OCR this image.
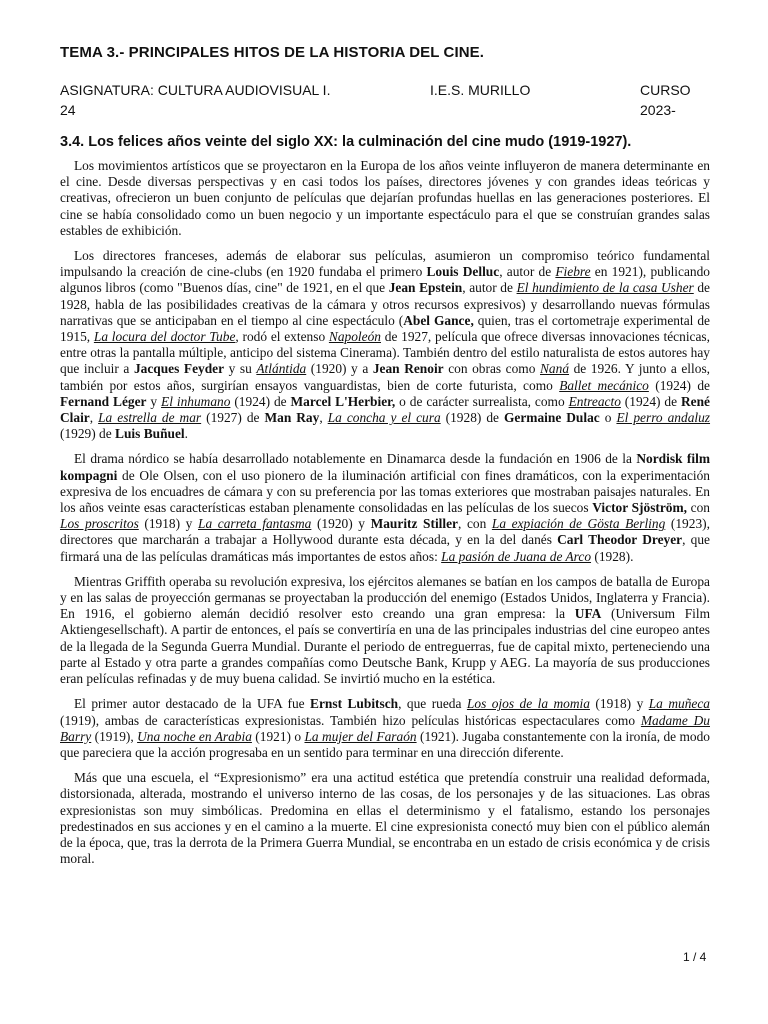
TEMA 3.- PRINCIPALES HITOS DE LA HISTORIA DEL CINE.
ASIGNATURA: CULTURA AUDIOVISUAL I.	I.E.S. MURILLO	CURSO 2023-
24
3.4. Los felices años veinte del siglo XX: la culminación del cine mudo (1919-1927).

Los movimientos artísticos que se proyectaron en la Europa de los años veinte influyeron de manera determinante en el cine. Desde diversas perspectivas y en casi todos los países, directores jóvenes y con grandes ideas teóricas y creativas, ofrecieron un buen conjunto de películas que dejarían profundas huellas en las generaciones posteriores. El cine se había consolidado como un buen negocio y un importante espectáculo para el que se construían grandes salas estables de exhibición.

Los directores franceses, además de elaborar sus películas, asumieron un compromiso teórico fundamental impulsando la creación de cine-clubs (en 1920 fundaba el primero Louis Delluc, autor de Fiebre en 1921), publicando algunos libros (como "Buenos días, cine" de 1921, en el que Jean Epstein, autor de El hundimiento de la casa Usher de 1928, habla de las posibilidades creativas de la cámara y otros recursos expresivos) y desarrollando nuevas fórmulas narrativas que se anticipaban en el tiempo al cine espectáculo (Abel Gance, quien, tras el cortometraje experimental de 1915, La locura del doctor Tube, rodó el extenso Napoleón de 1927, película que ofrece diversas innovaciones técnicas, entre otras la pantalla múltiple, anticipo del sistema Cinerama). También dentro del estilo naturalista de estos autores hay que incluir a Jacques Feyder y su Atlántida (1920) y a Jean Renoir con obras como Naná de 1926. Y junto a ellos, también por estos años, surgirían ensayos vanguardistas, bien de corte futurista, como Ballet mecánico (1924) de Fernand Léger y El inhumano (1924) de Marcel L'Herbier, o de carácter surrealista, como Entreacto (1924) de René Clair, La estrella de mar (1927) de Man Ray, La concha y el cura (1928) de Germaine Dulac o El perro andaluz (1929) de Luis Buñuel.

El drama nórdico se había desarrollado notablemente en Dinamarca desde la fundación en 1906 de la Nordisk film kompagni de Ole Olsen, con el uso pionero de la iluminación artificial con fines dramáticos, con la experimentación expresiva de los encuadres de cámara y con su preferencia por las tomas exteriores que mostraban paisajes naturales. En los años veinte esas características estaban plenamente consolidadas en las películas de los suecos Victor Sjöström, con Los proscritos (1918) y La carreta fantasma (1920) y Mauritz Stiller, con La expiación de Gösta Berling (1923), directores que marcharán a trabajar a Hollywood durante esta década, y en la del danés Carl Theodor Dreyer, que firmará una de las películas dramáticas más importantes de estos años: La pasión de Juana de Arco (1928).

Mientras Griffith operaba su revolución expresiva, los ejércitos alemanes se batían en los campos de batalla de Europa y en las salas de proyección germanas se proyectaban la producción del enemigo (Estados Unidos, Inglaterra y Francia). En 1916, el gobierno alemán decidió resolver esto creando una gran empresa: la UFA (Universum Film Aktiengesellschaft). A partir de entonces, el país se convertiría en una de las principales industrias del cine europeo antes de la llegada de la Segunda Guerra Mundial. Durante el periodo de entreguerras, fue de capital mixto, perteneciendo una parte al Estado y otra parte a grandes compañías como Deutsche Bank, Krupp y AEG. La mayoría de sus producciones eran películas refinadas y de muy buena calidad. Se invirtió mucho en la estética.

El primer autor destacado de la UFA fue Ernst Lubitsch, que rueda Los ojos de la momia (1918) y La muñeca (1919), ambas de características expresionistas. También hizo películas históricas espectaculares como Madame Du Barry (1919), Una noche en Arabia (1921) o La mujer del Faraón (1921). Jugaba constantemente con la ironía, de modo que pareciera que la acción progresaba en un sentido para terminar en una dirección diferente.

Más que una escuela, el “Expresionismo” era una actitud estética que pretendía construir una realidad deformada, distorsionada, alterada, mostrando el universo interno de las cosas, de los personajes y de las situaciones. Las obras expresionistas son muy simbólicas. Predomina en ellas el determinismo y el fatalismo, estando los personajes predestinados en sus acciones y en el camino a la muerte. El cine expresionista conectó muy bien con el público alemán de la época, que, tras la derrota de la Primera Guerra Mundial, se encontraba en un estado de crisis económica y de crisis moral.

1 / 4
